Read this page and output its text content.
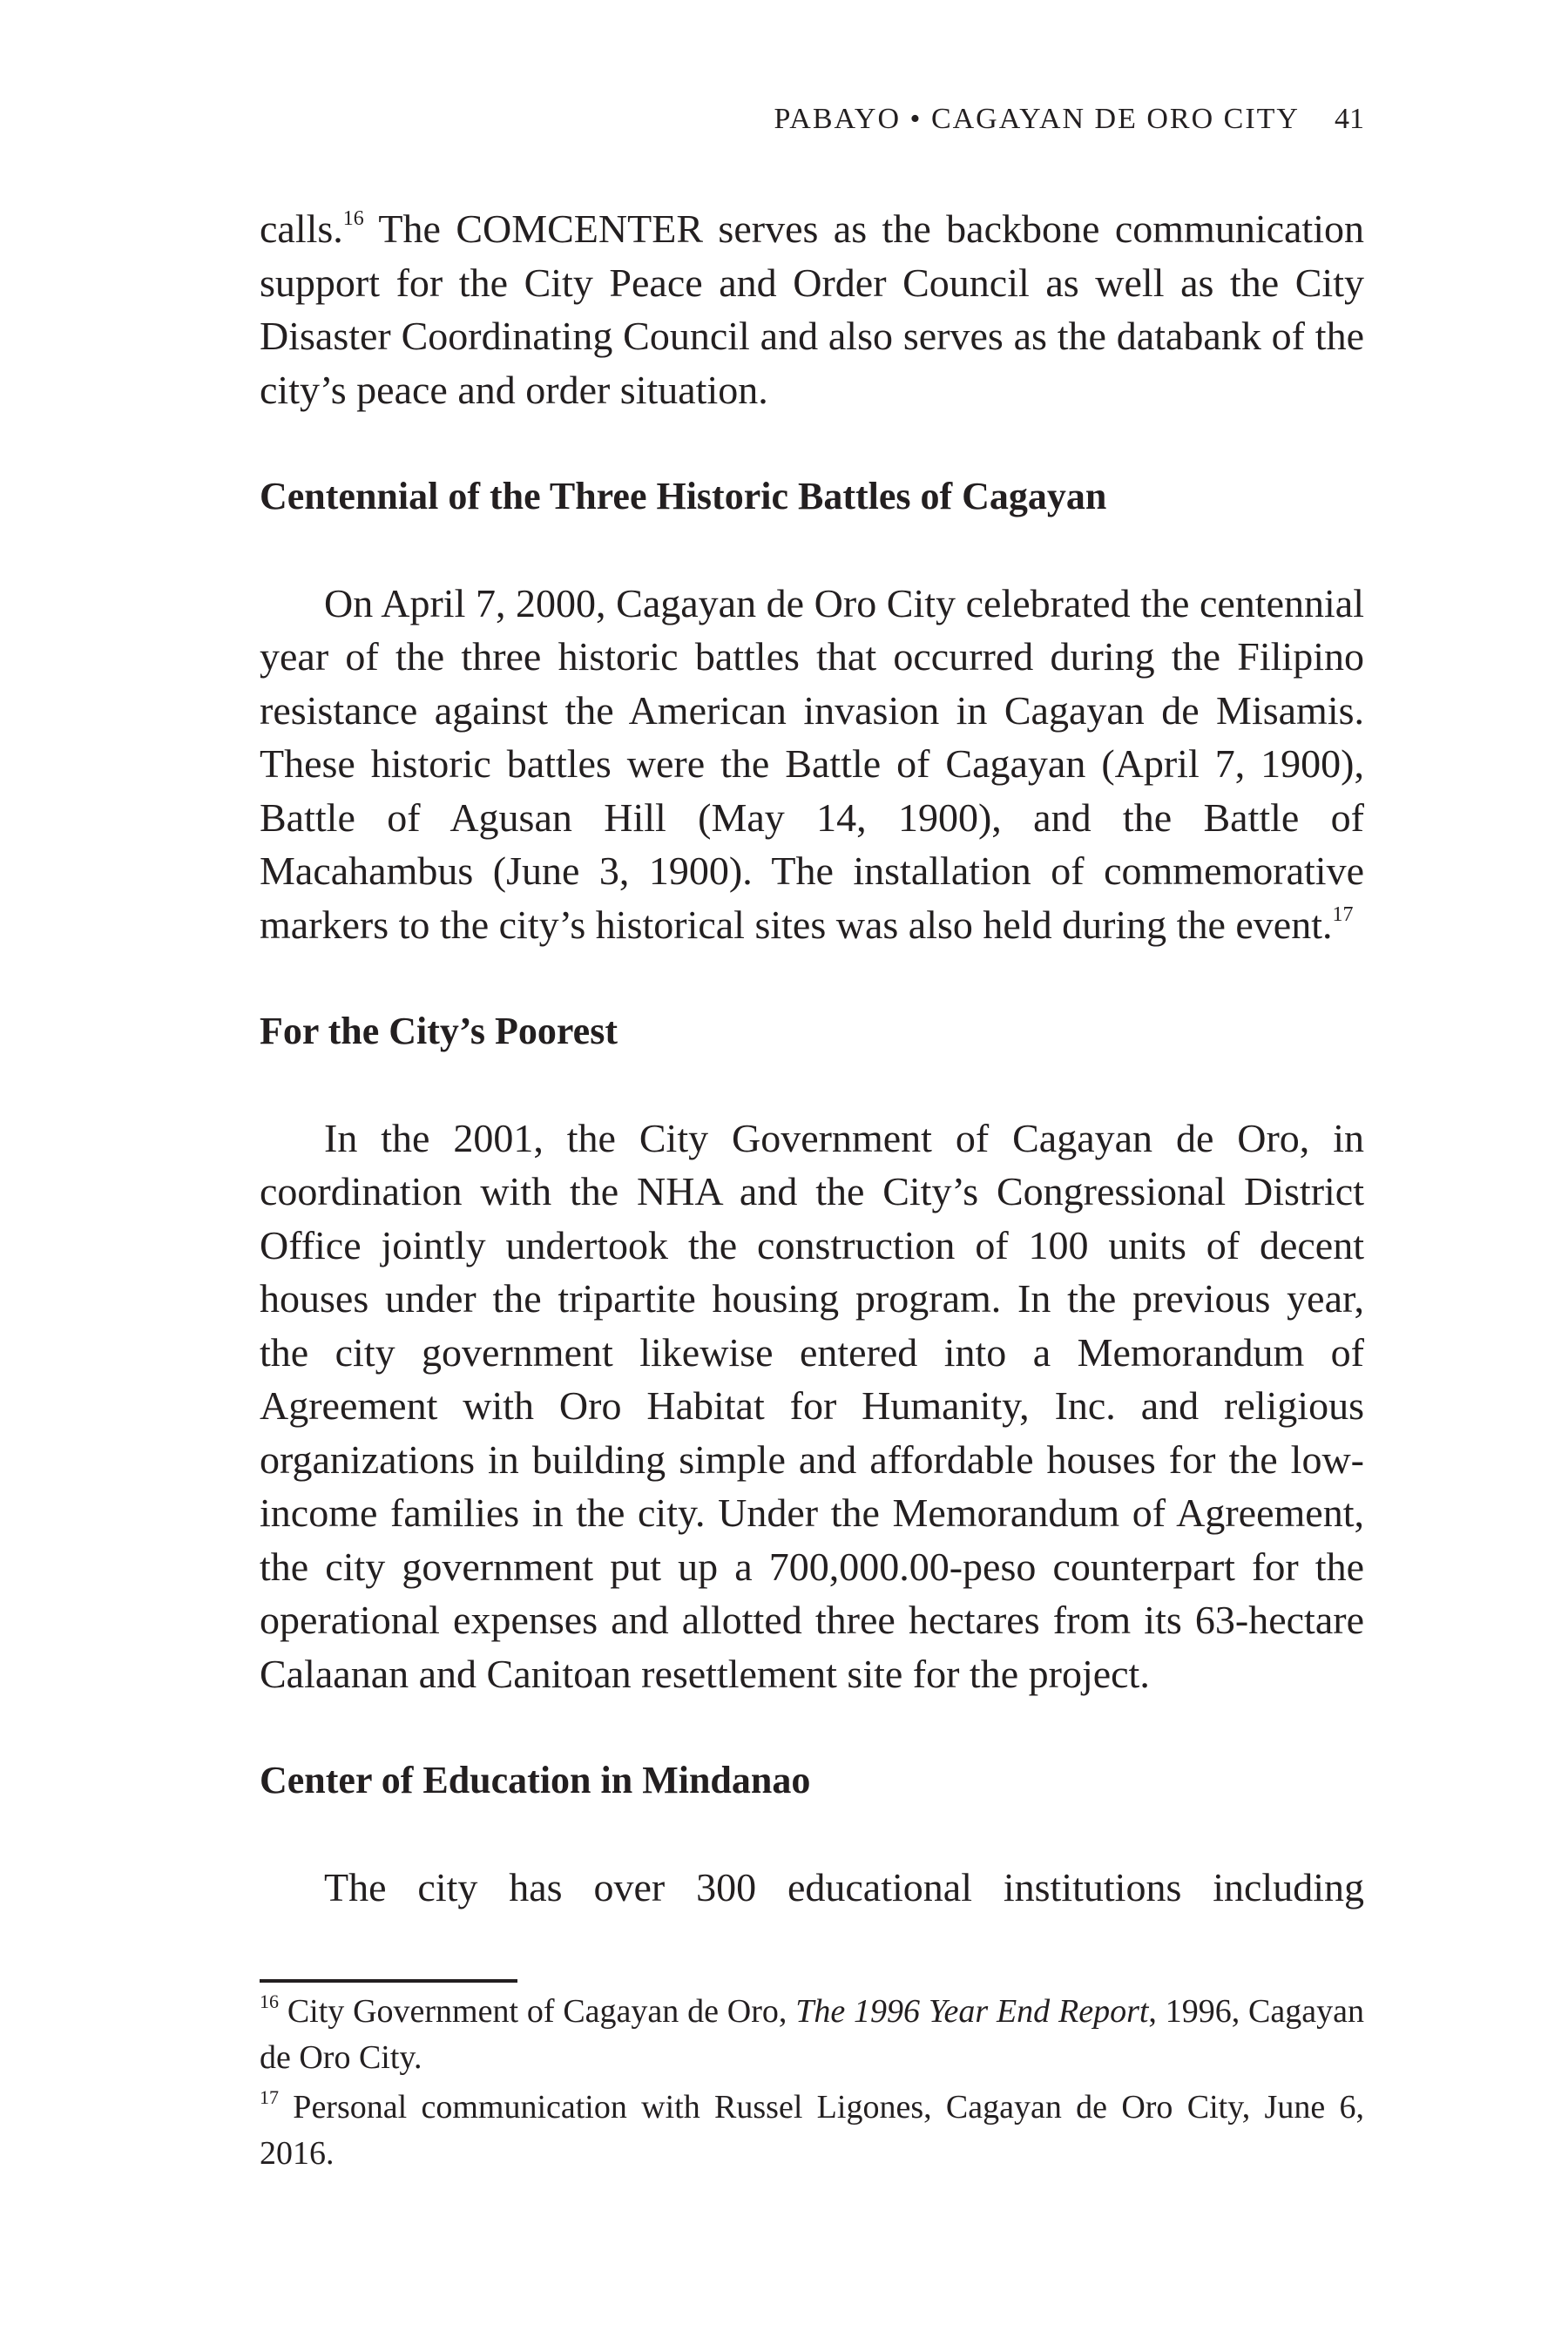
PABAYO • CAGAYAN DE ORO CITY 41

calls.$^{16}$ The COMCENTER serves as the backbone communication support for the City Peace and Order Council as well as the City Disaster Coordinating Council and also serves as the databank of the city’s peace and order situation.

Centennial of the Three Historic Battles of Cagayan

On April 7, 2000, Cagayan de Oro City celebrated the centennial year of the three historic battles that occurred during the Filipino resistance against the American invasion in Cagayan de Misamis. These historic battles were the Battle of Cagayan (April 7, 1900), Battle of Agusan Hill (May 14, 1900), and the Battle of Macahambus (June 3, 1900). The installation of commemorative markers to the city’s historical sites was also held during the event.$^{17}$

For the City’s Poorest

In the 2001, the City Government of Cagayan de Oro, in coordination with the NHA and the City’s Congressional District Office jointly undertook the construction of 100 units of decent houses under the tripartite housing program. In the previous year, the city government likewise entered into a Memorandum of Agreement with Oro Habitat for Humanity, Inc. and religious organizations in building simple and affordable houses for the low-income families in the city. Under the Memorandum of Agreement, the city government put up a 700,000.00-peso counterpart for the operational expenses and allotted three hectares from its 63-hectare Calaanan and Canitoan resettlement site for the project.

Center of Education in Mindanao

The city has over 300 educational institutions including

$^{16}$ City Government of Cagayan de Oro, The 1996 Year End Report, 1996, Cagayan de Oro City.

$^{17}$ Personal communication with Russel Ligones, Cagayan de Oro City, June 6, 2016.
